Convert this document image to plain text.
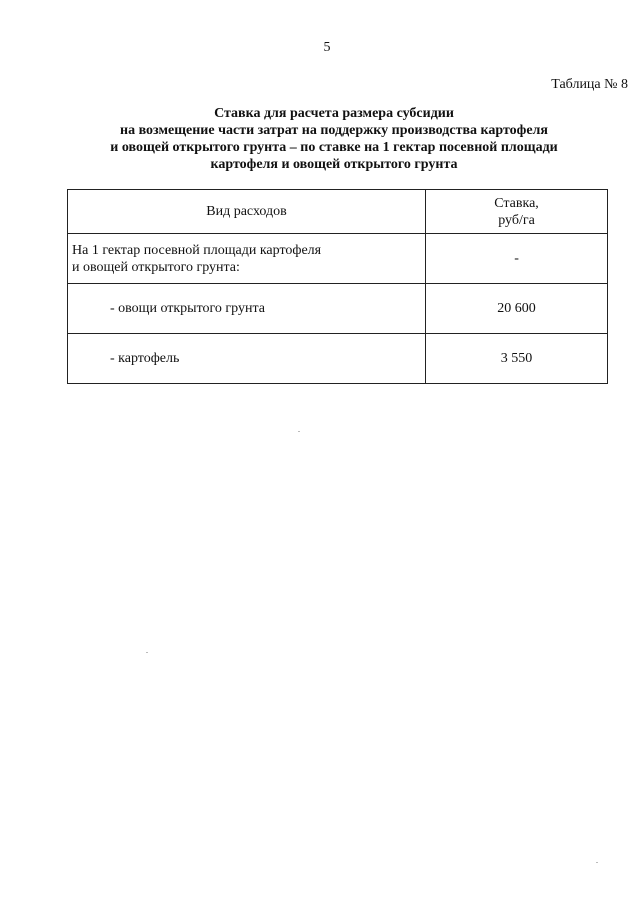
5
Таблица № 8
Ставка для расчета размера субсидии
на возмещение части затрат на поддержку производства картофеля
и овощей открытого грунта – по ставке на 1 гектар посевной площади
картофеля и овощей открытого грунта
Вид расходов	Ставка,
руб/га

На 1 гектар посевной площади картофеля
и овощей открытого грунта:	-
- овощи открытого грунта	20 600
- картофель	3 550
